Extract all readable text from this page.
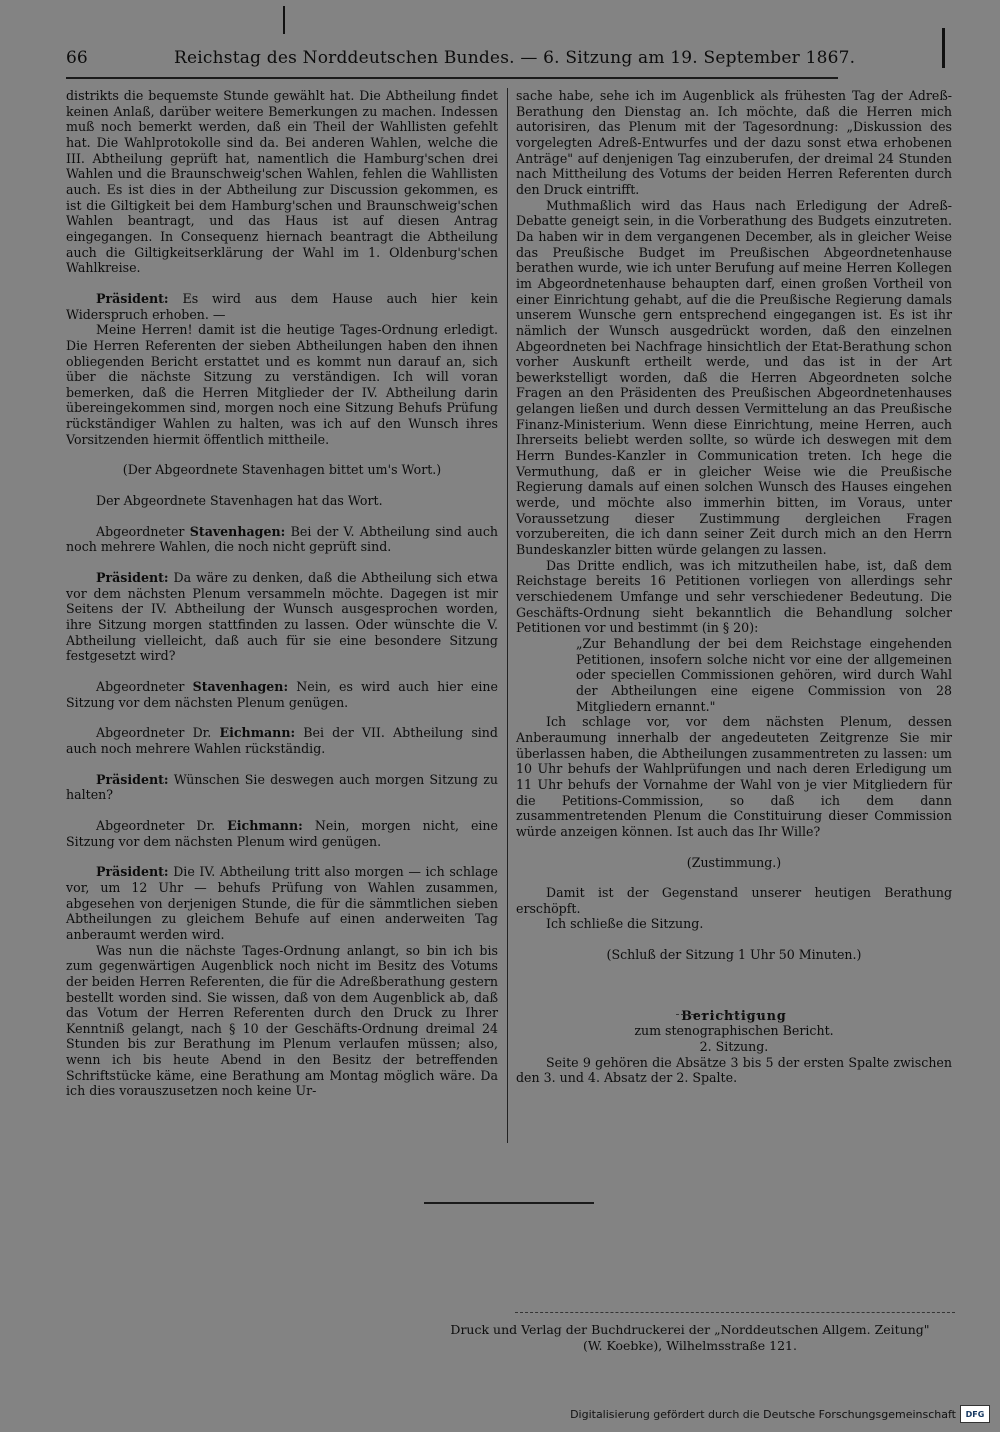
66	Reichstag des Norddeutschen Bundes. — 6. Sitzung am 19. September 1867.

distrikts die bequemste Stunde gewählt hat. Die Abtheilung findet keinen Anlaß, darüber weitere Bemerkungen zu machen. Indessen muß noch bemerkt werden, daß ein Theil der Wahllisten gefehlt hat. Die Wahlprotokolle sind da. Bei anderen Wahlen, welche die III. Abtheilung geprüft hat, namentlich die Hamburg'schen drei Wahlen und die Braunschweig'schen Wahlen, fehlen die Wahllisten auch. Es ist dies in der Abtheilung zur Discussion gekommen, es ist die Giltigkeit bei dem Hamburg'schen und Braunschweig'schen Wahlen beantragt, und das Haus ist auf diesen Antrag eingegangen. In Consequenz hiernach beantragt die Abtheilung auch die Giltigkeitserklärung der Wahl im 1. Oldenburg'schen Wahlkreise.

Präsident: Es wird aus dem Hause auch hier kein Widerspruch erhoben. —

Meine Herren! damit ist die heutige Tages-Ordnung erledigt. Die Herren Referenten der sieben Abtheilungen haben den ihnen obliegenden Bericht erstattet und es kommt nun darauf an, sich über die nächste Sitzung zu verständigen. Ich will voran bemerken, daß die Herren Mitglieder der IV. Abtheilung darin übereingekommen sind, morgen noch eine Sitzung Behufs Prüfung rückständiger Wahlen zu halten, was ich auf den Wunsch ihres Vorsitzenden hiermit öffentlich mittheile.

(Der Abgeordnete Stavenhagen bittet um's Wort.)

Der Abgeordnete Stavenhagen hat das Wort.

Abgeordneter Stavenhagen: Bei der V. Abtheilung sind auch noch mehrere Wahlen, die noch nicht geprüft sind.

Präsident: Da wäre zu denken, daß die Abtheilung sich etwa vor dem nächsten Plenum versammeln möchte. Dagegen ist mir Seitens der IV. Abtheilung der Wunsch ausgesprochen worden, ihre Sitzung morgen stattfinden zu lassen. Oder wünschte die V. Abtheilung vielleicht, daß auch für sie eine besondere Sitzung festgesetzt wird?

Abgeordneter Stavenhagen: Nein, es wird auch hier eine Sitzung vor dem nächsten Plenum genügen.

Abgeordneter Dr. Eichmann: Bei der VII. Abtheilung sind auch noch mehrere Wahlen rückständig.

Präsident: Wünschen Sie deswegen auch morgen Sitzung zu halten?

Abgeordneter Dr. Eichmann: Nein, morgen nicht, eine Sitzung vor dem nächsten Plenum wird genügen.

Präsident: Die IV. Abtheilung tritt also morgen — ich schlage vor, um 12 Uhr — behufs Prüfung von Wahlen zusammen, abgesehen von derjenigen Stunde, die für die sämmtlichen sieben Abtheilungen zu gleichem Behufe auf einen anderweiten Tag anberaumt werden wird.

Was nun die nächste Tages-Ordnung anlangt, so bin ich bis zum gegenwärtigen Augenblick noch nicht im Besitz des Votums der beiden Herren Referenten, die für die Adreßberathung gestern bestellt worden sind. Sie wissen, daß von dem Augenblick ab, daß das Votum der Herren Referenten durch den Druck zu Ihrer Kenntniß gelangt, nach § 10 der Geschäfts-Ordnung dreimal 24 Stunden bis zur Berathung im Plenum verlaufen müssen; also, wenn ich bis heute Abend in den Besitz der betreffenden Schriftstücke käme, eine Berathung am Montag möglich wäre. Da ich dies vorauszusetzen noch keine Ur-

sache habe, sehe ich im Augenblick als frühesten Tag der Adreß-Berathung den Dienstag an. Ich möchte, daß die Herren mich autorisiren, das Plenum mit der Tagesordnung: „Diskussion des vorgelegten Adreß-Entwurfes und der dazu sonst etwa erhobenen Anträge" auf denjenigen Tag einzuberufen, der dreimal 24 Stunden nach Mittheilung des Votums der beiden Herren Referenten durch den Druck eintrifft.

Muthmaßlich wird das Haus nach Erledigung der Adreß-Debatte geneigt sein, in die Vorberathung des Budgets einzutreten. Da haben wir in dem vergangenen December, als in gleicher Weise das Preußische Budget im Preußischen Abgeordnetenhause berathen wurde, wie ich unter Berufung auf meine Herren Kollegen im Abgeordnetenhause behaupten darf, einen großen Vortheil von einer Einrichtung gehabt, auf die die Preußische Regierung damals unserem Wunsche gern entsprechend eingegangen ist. Es ist ihr nämlich der Wunsch ausgedrückt worden, daß den einzelnen Abgeordneten bei Nachfrage hinsichtlich der Etat-Berathung schon vorher Auskunft ertheilt werde, und das ist in der Art bewerkstelligt worden, daß die Herren Abgeordneten solche Fragen an den Präsidenten des Preußischen Abgeordnetenhauses gelangen ließen und durch dessen Vermittelung an das Preußische Finanz-Ministerium. Wenn diese Einrichtung, meine Herren, auch Ihrerseits beliebt werden sollte, so würde ich deswegen mit dem Herrn Bundes-Kanzler in Communication treten. Ich hege die Vermuthung, daß er in gleicher Weise wie die Preußische Regierung damals auf einen solchen Wunsch des Hauses eingehen werde, und möchte also immerhin bitten, im Voraus, unter Voraussetzung dieser Zustimmung dergleichen Fragen vorzubereiten, die ich dann seiner Zeit durch mich an den Herrn Bundeskanzler bitten würde gelangen zu lassen.

Das Dritte endlich, was ich mitzutheilen habe, ist, daß dem Reichstage bereits 16 Petitionen vorliegen von allerdings sehr verschiedenem Umfange und sehr verschiedener Bedeutung. Die Geschäfts-Ordnung sieht bekanntlich die Behandlung solcher Petitionen vor und bestimmt (in § 20):

„Zur Behandlung der bei dem Reichstage eingehenden Petitionen, insofern solche nicht vor eine der allgemeinen oder speciellen Commissionen gehören, wird durch Wahl der Abtheilungen eine eigene Commission von 28 Mitgliedern ernannt."

Ich schlage vor, vor dem nächsten Plenum, dessen Anberaumung innerhalb der angedeuteten Zeitgrenze Sie mir überlassen haben, die Abtheilungen zusammentreten zu lassen: um 10 Uhr behufs der Wahlprüfungen und nach deren Erledigung um 11 Uhr behufs der Vornahme der Wahl von je vier Mitgliedern für die Petitions-Commission, so daß ich dem dann zusammentretenden Plenum die Constituirung dieser Commission würde anzeigen können. Ist auch das Ihr Wille?

(Zustimmung.)

Damit ist der Gegenstand unserer heutigen Berathung erschöpft.

Ich schließe die Sitzung.

(Schluß der Sitzung 1 Uhr 50 Minuten.)

Berichtigung

zum stenographischen Bericht.

2. Sitzung.

Seite 9 gehören die Absätze 3 bis 5 der ersten Spalte zwischen den 3. und 4. Absatz der 2. Spalte.

Druck und Verlag der Buchdruckerei der „Norddeutschen Allgem. Zeitung"
(W. Koebke), Wilhelmsstraße 121.
Digitalisierung gefördert durch die Deutsche Forschungsgemeinschaft	DFG
